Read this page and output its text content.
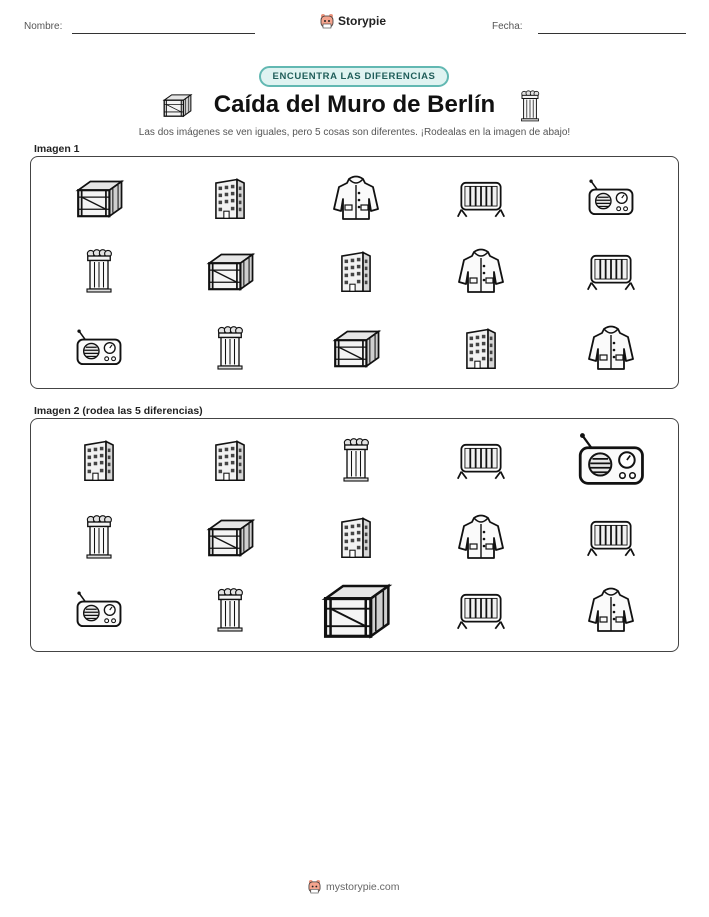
Nombre:	Storypie	Fecha:
ENCUENTRA LAS DIFERENCIAS
Caída del Muro de Berlín
Las dos imágenes se ven iguales, pero 5 cosas son diferentes. ¡Rodealas en la imagen de abajo!
Imagen 1
Imagen 2 (rodea las 5 diferencias)
mystorypie.com
